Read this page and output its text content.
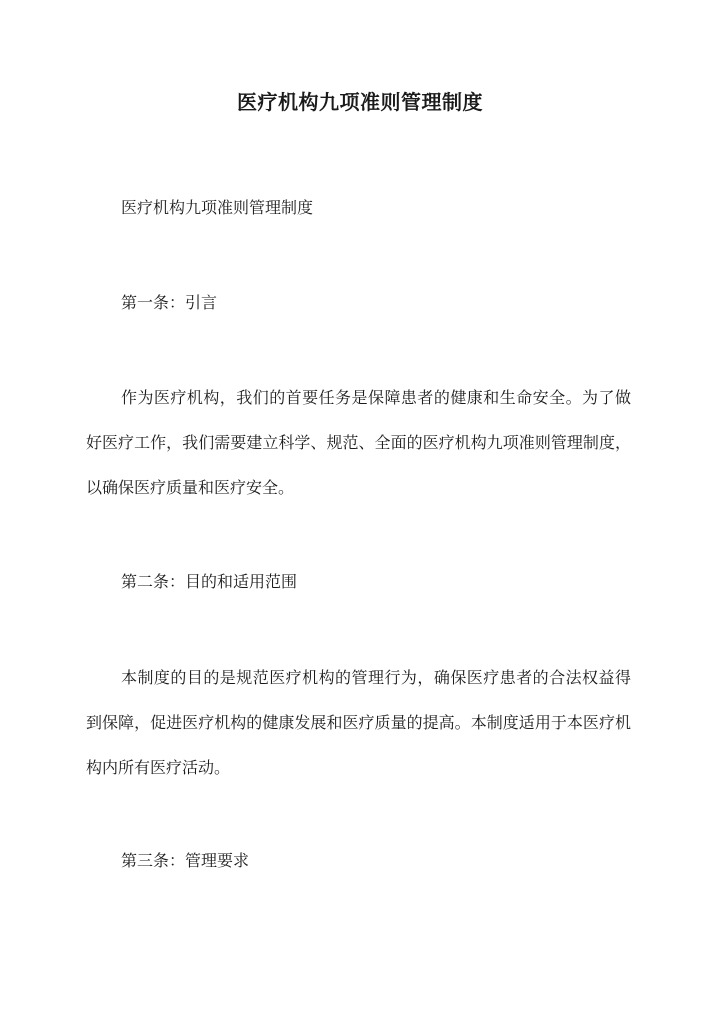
医疗机构九项准则管理制度

医疗机构九项准则管理制度

第一条：引言

作为医疗机构，我们的首要任务是保障患者的健康和生命安全。为了做好医疗工作，我们需要建立科学、规范、全面的医疗机构九项准则管理制度，以确保医疗质量和医疗安全。

第二条：目的和适用范围

本制度的目的是规范医疗机构的管理行为，确保医疗患者的合法权益得到保障，促进医疗机构的健康发展和医疗质量的提高。本制度适用于本医疗机构内所有医疗活动。

第三条：管理要求
